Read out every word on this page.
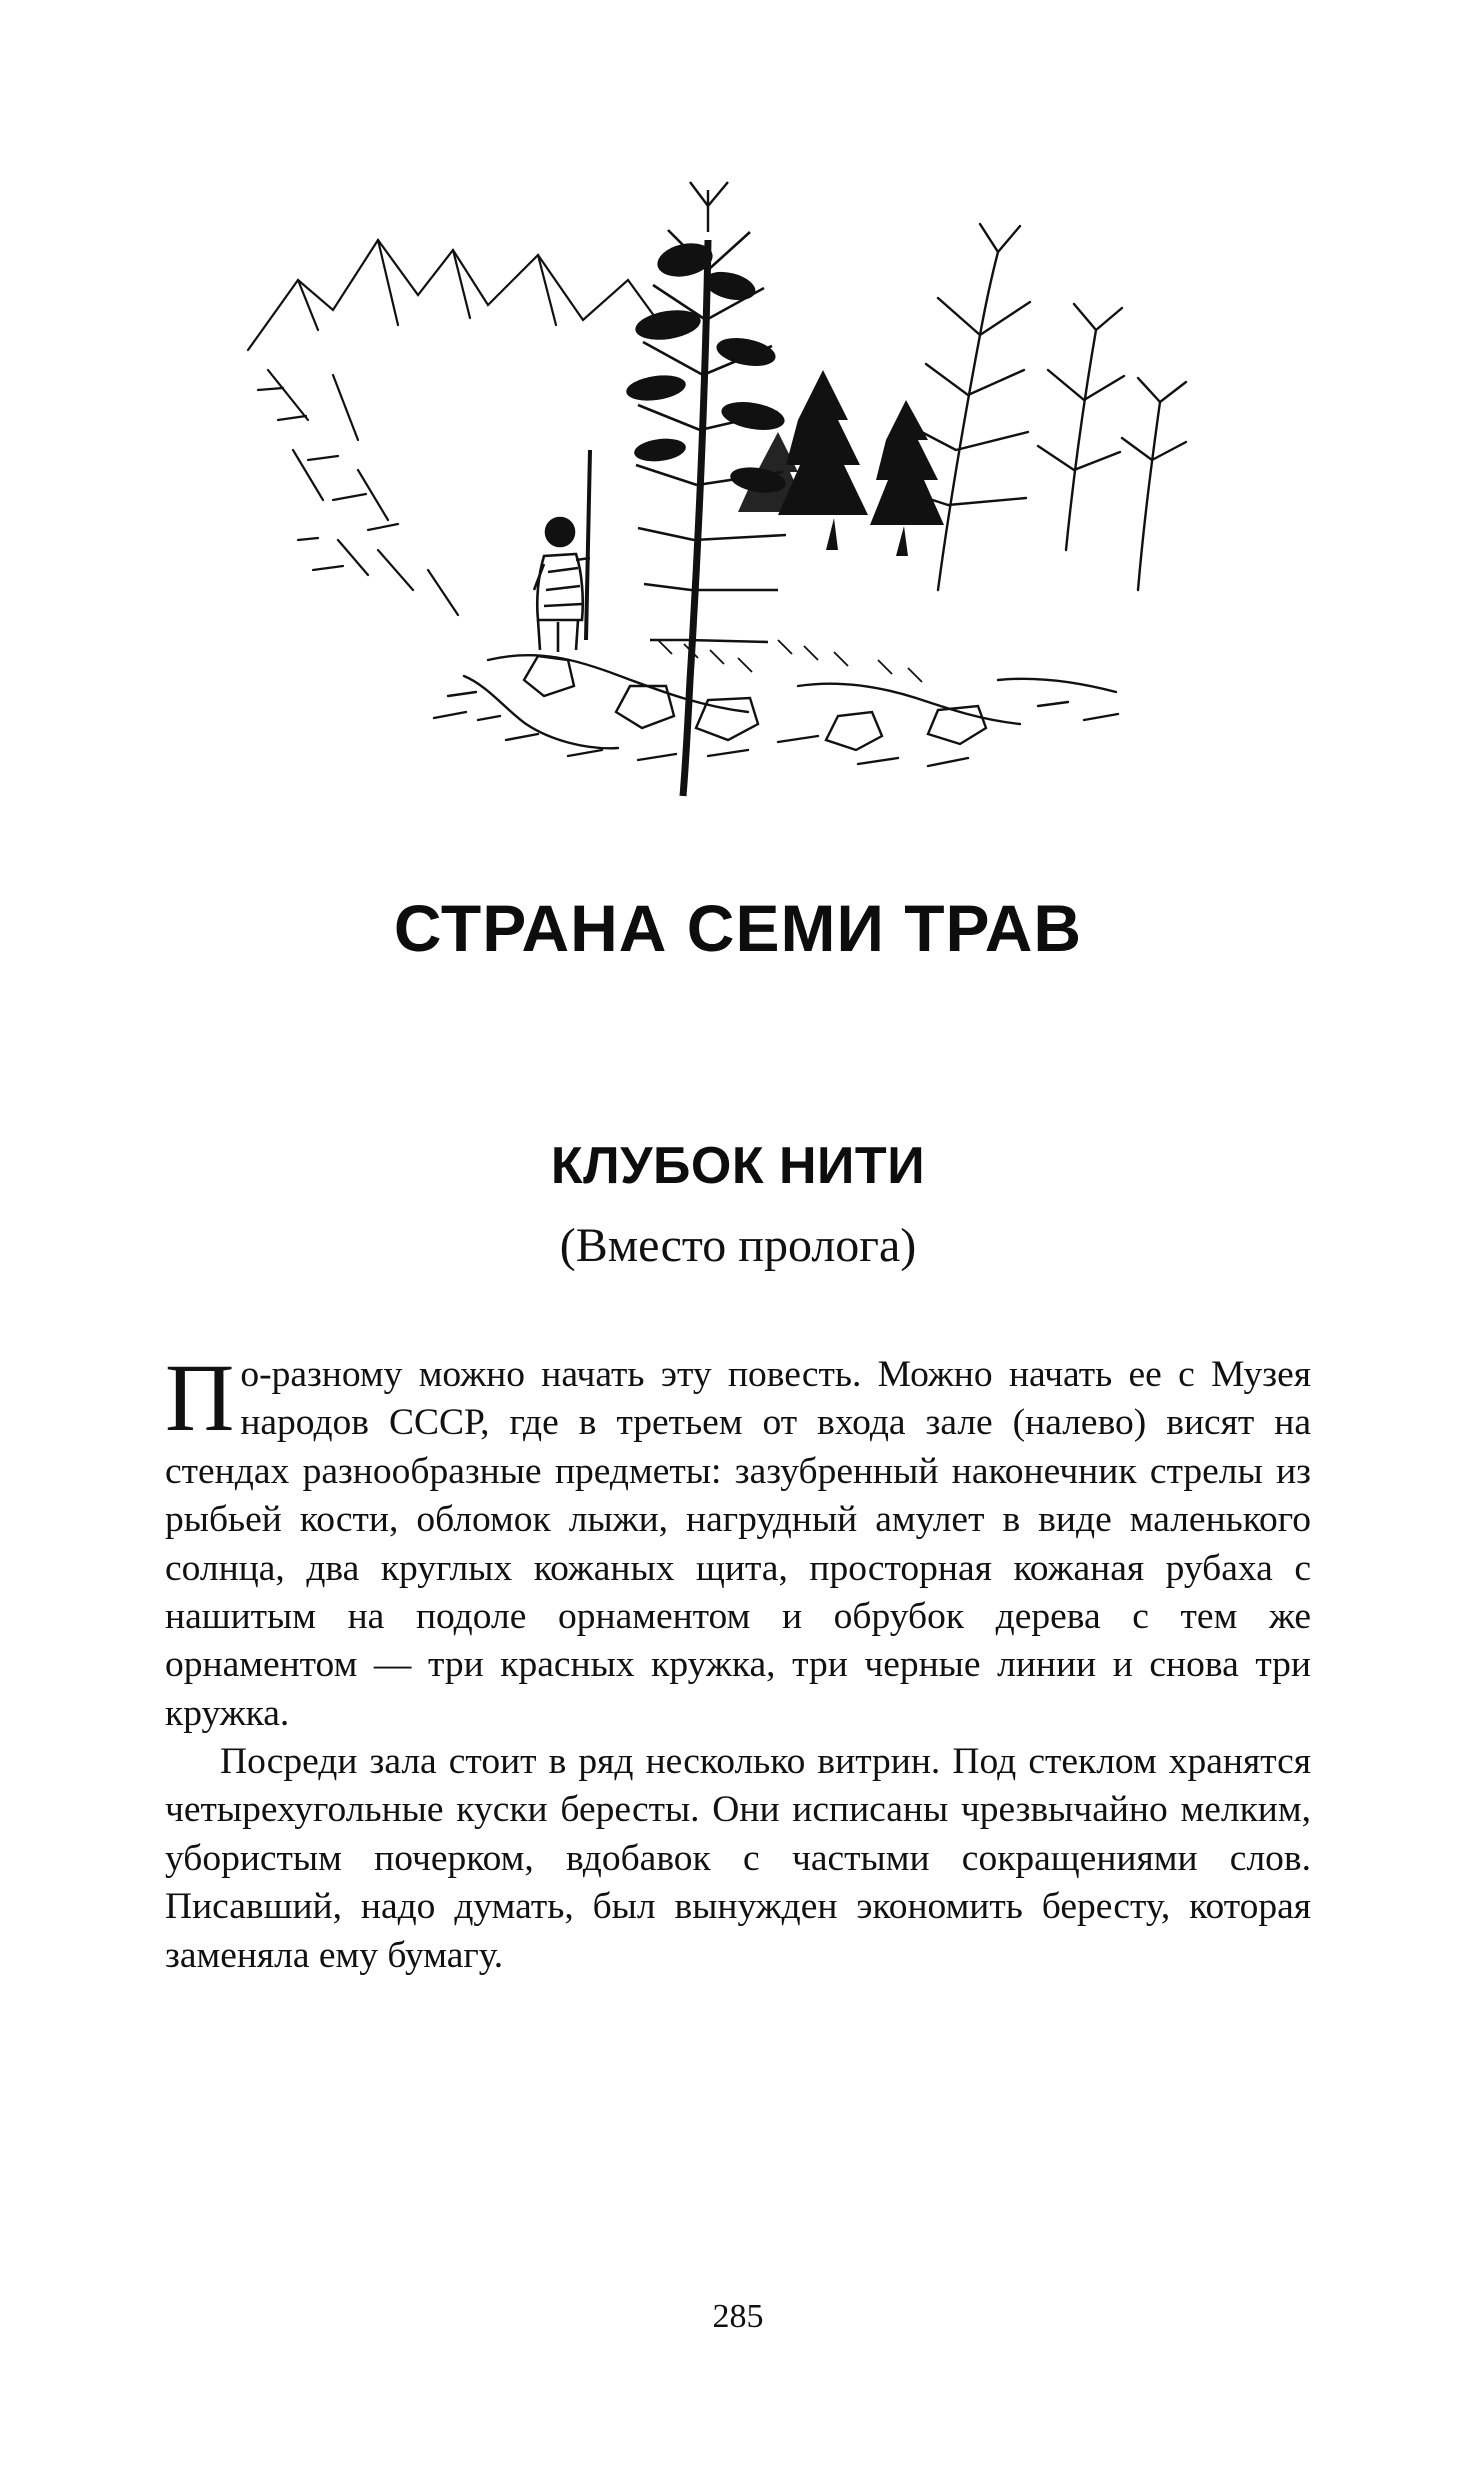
СТРАНА СЕМИ ТРАВ
КЛУБОК НИТИ
(Вместо пролога)

По-разному можно начать эту повесть. Можно начать ее с Музея народов СССР, где в третьем от входа зале (налево) висят на стендах разнообразные предметы: зазубренный наконечник стрелы из рыбьей кости, обломок лыжи, нагрудный амулет в виде маленького солнца, два круглых кожаных щита, просторная кожаная рубаха с нашитым на подоле орнаментом и обрубок дерева с тем же орнаментом — три красных кружка, три черные линии и снова три кружка.

Посреди зала стоит в ряд несколько витрин. Под стеклом хранятся четырехугольные куски бересты. Они исписаны чрезвычайно мелким, убористым почерком, вдобавок с частыми сокращениями слов. Писавший, надо думать, был вынужден экономить бересту, которая заменяла ему бумагу.

285
